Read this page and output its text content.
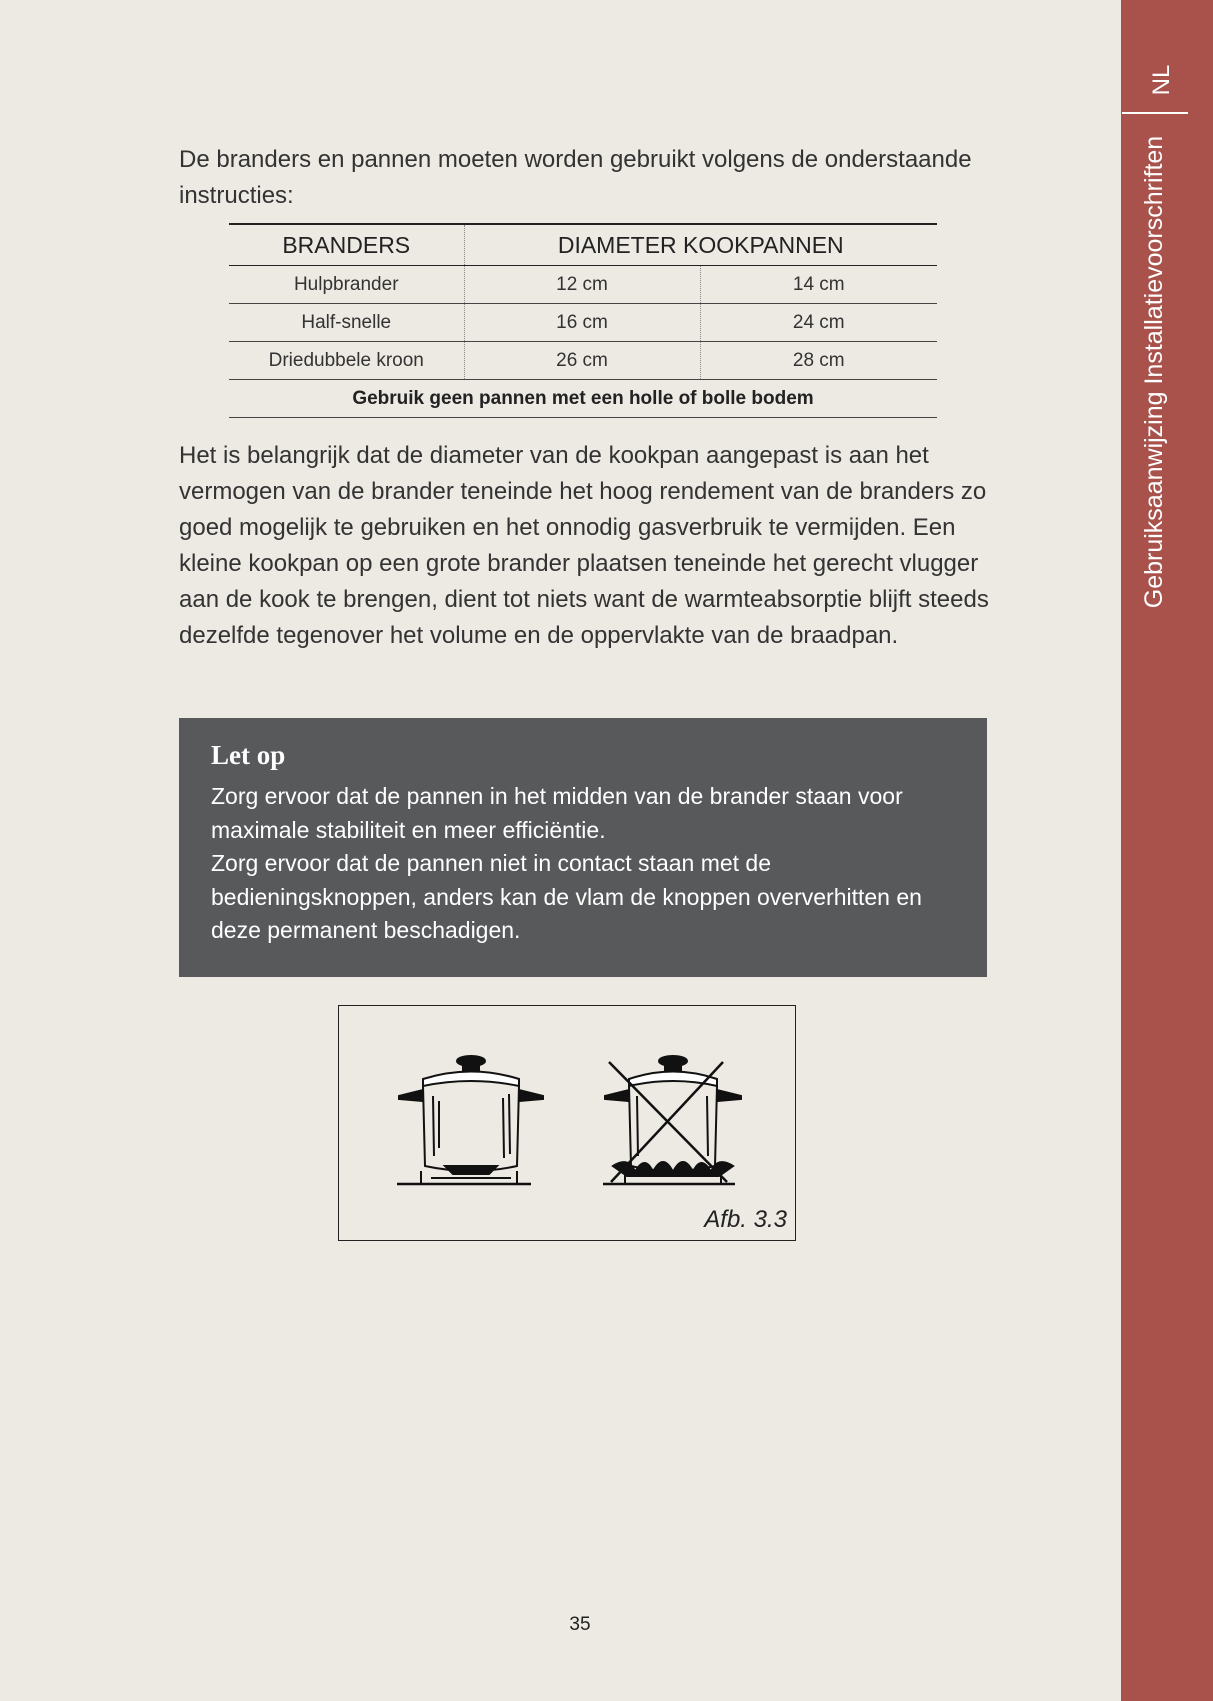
NL
Gebruiksaanwijzing Installatievoorschriften

De branders en pannen moeten worden gebruikt volgens de onderstaande instructies:

BRANDERS	DIAMETER KOOKPANNEN	
Hulpbrander	12 cm	14 cm
Half-snelle	16 cm	24 cm
Driedubbele kroon	26 cm	28 cm
Gebruik geen pannen met een holle of bolle bodem		

Het is belangrijk dat de diameter van de kookpan aangepast is aan het vermogen van de brander teneinde het hoog rendement van de branders zo goed mogelijk te gebruiken en het onnodig gasverbruik te vermijden. Een kleine kookpan op een grote brander plaatsen teneinde het gerecht vlugger aan de kook te brengen, dient tot niets want de warmteabsorptie blijft steeds dezelfde tegenover het volume en de oppervlakte van de braadpan.

Let op
Zorg ervoor dat de pannen in het midden van de brander staan voor maximale stabiliteit en meer efficiëntie.
Zorg ervoor dat de pannen niet in contact staan met de bedieningsknoppen, anders kan de vlam de knoppen oververhitten en deze permanent beschadigen.
Afb. 3.3
35
